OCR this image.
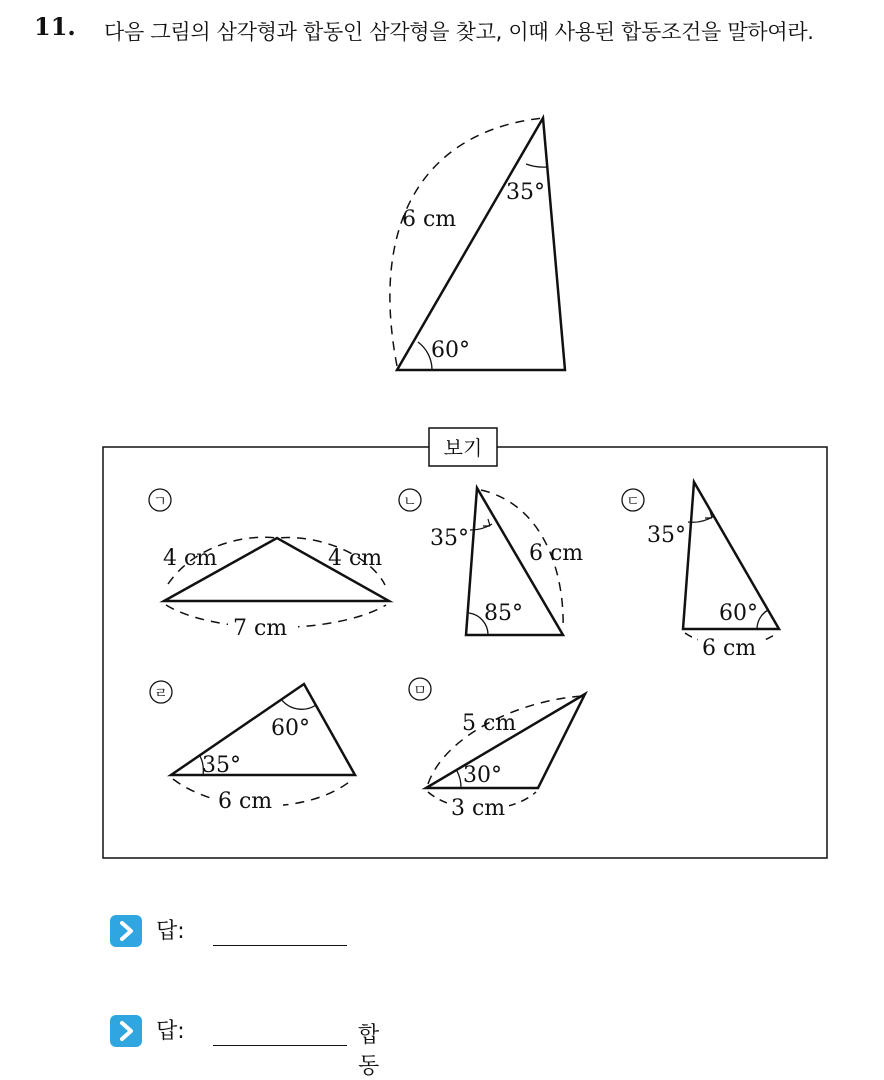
11. 다음 그림의 삼각형과 합동인 삼각형을 찾고, 이때 사용된 합동조건을 말하여라.
6 cm
35°
60°
보기
ㄱ
4 cm	4 cm
7 cm
ㄴ
35°
6 cm
85°
ㄷ
35°
60°
6 cm
ㄹ
60°
35°
6 cm
ㅁ
5 cm
30°
3 cm
답:
답:	합동
